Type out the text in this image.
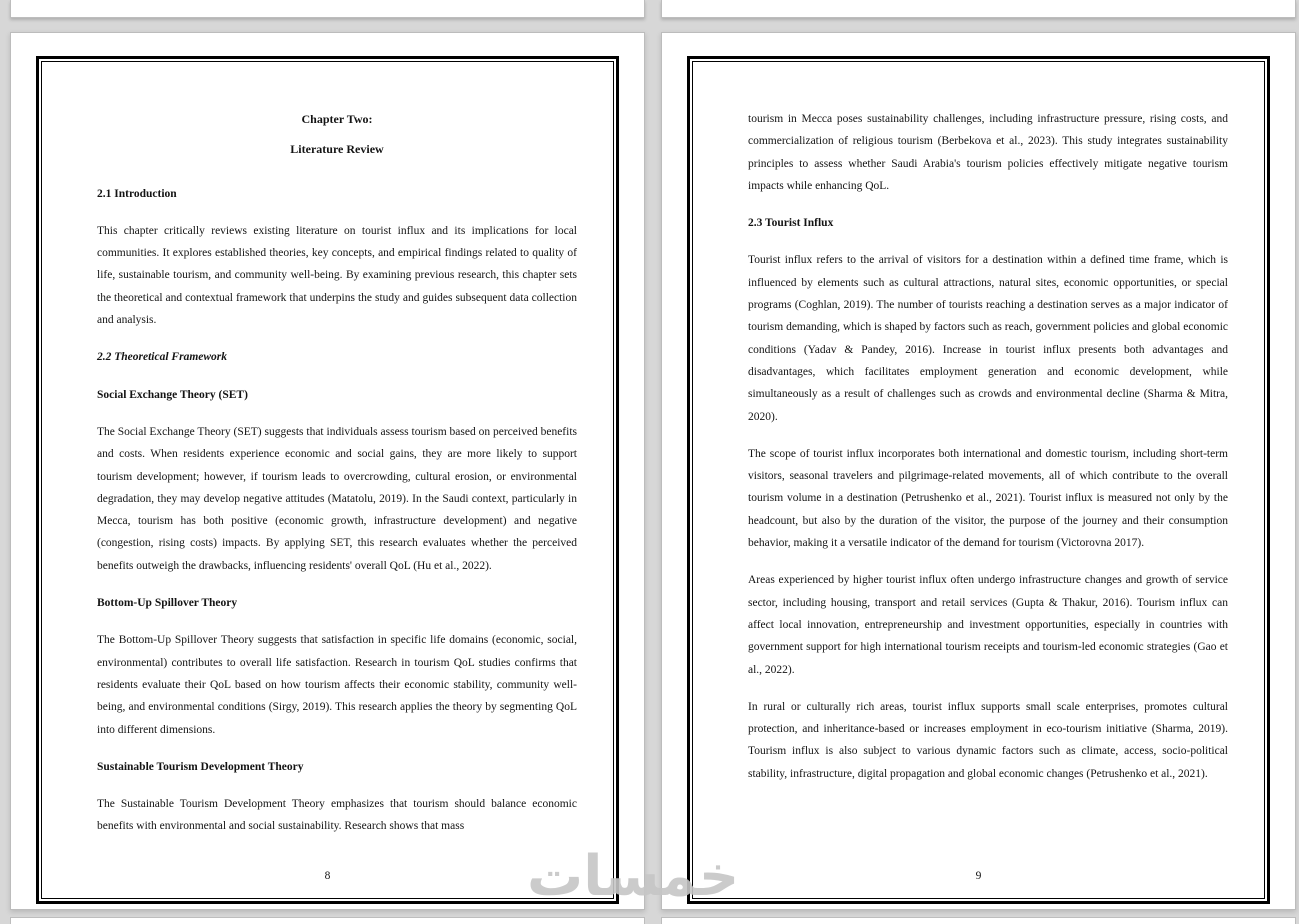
Chapter Two:

Literature Review

2.1 Introduction

This chapter critically reviews existing literature on tourist influx and its implications for local communities. It explores established theories, key concepts, and empirical findings related to quality of life, sustainable tourism, and community well-being. By examining previous research, this chapter sets the theoretical and contextual framework that underpins the study and guides subsequent data collection and analysis.

2.2 Theoretical Framework

Social Exchange Theory (SET)

The Social Exchange Theory (SET) suggests that individuals assess tourism based on perceived benefits and costs. When residents experience economic and social gains, they are more likely to support tourism development; however, if tourism leads to overcrowding, cultural erosion, or environmental degradation, they may develop negative attitudes (Matatolu, 2019). In the Saudi context, particularly in Mecca, tourism has both positive (economic growth, infrastructure development) and negative (congestion, rising costs) impacts. By applying SET, this research evaluates whether the perceived benefits outweigh the drawbacks, influencing residents' overall QoL (Hu et al., 2022).

Bottom-Up Spillover Theory

The Bottom-Up Spillover Theory suggests that satisfaction in specific life domains (economic, social, environmental) contributes to overall life satisfaction. Research in tourism QoL studies confirms that residents evaluate their QoL based on how tourism affects their economic stability, community well-being, and environmental conditions (Sirgy, 2019). This research applies the theory by segmenting QoL into different dimensions.

Sustainable Tourism Development Theory

The Sustainable Tourism Development Theory emphasizes that tourism should balance economic benefits with environmental and social sustainability. Research shows that mass

8

tourism in Mecca poses sustainability challenges, including infrastructure pressure, rising costs, and commercialization of religious tourism (Berbekova et al., 2023). This study integrates sustainability principles to assess whether Saudi Arabia's tourism policies effectively mitigate negative tourism impacts while enhancing QoL.

2.3 Tourist Influx

Tourist influx refers to the arrival of visitors for a destination within a defined time frame, which is influenced by elements such as cultural attractions, natural sites, economic opportunities, or special programs (Coghlan, 2019). The number of tourists reaching a destination serves as a major indicator of tourism demanding, which is shaped by factors such as reach, government policies and global economic conditions (Yadav & Pandey, 2016). Increase in tourist influx presents both advantages and disadvantages, which facilitates employment generation and economic development, while simultaneously as a result of challenges such as crowds and environmental decline (Sharma & Mitra, 2020).

The scope of tourist influx incorporates both international and domestic tourism, including short-term visitors, seasonal travelers and pilgrimage-related movements, all of which contribute to the overall tourism volume in a destination (Petrushenko et al., 2021). Tourist influx is measured not only by the headcount, but also by the duration of the visitor, the purpose of the journey and their consumption behavior, making it a versatile indicator of the demand for tourism (Victorovna 2017).

Areas experienced by higher tourist influx often undergo infrastructure changes and growth of service sector, including housing, transport and retail services (Gupta & Thakur, 2016). Tourism influx can affect local innovation, entrepreneurship and investment opportunities, especially in countries with government support for high international tourism receipts and tourism-led economic strategies (Gao et al., 2022).

In rural or culturally rich areas, tourist influx supports small scale enterprises, promotes cultural protection, and inheritance-based or increases employment in eco-tourism initiative (Sharma, 2019). Tourism influx is also subject to various dynamic factors such as climate, access, socio-political stability, infrastructure, digital propagation and global economic changes (Petrushenko et al., 2021).

9
خمسات
